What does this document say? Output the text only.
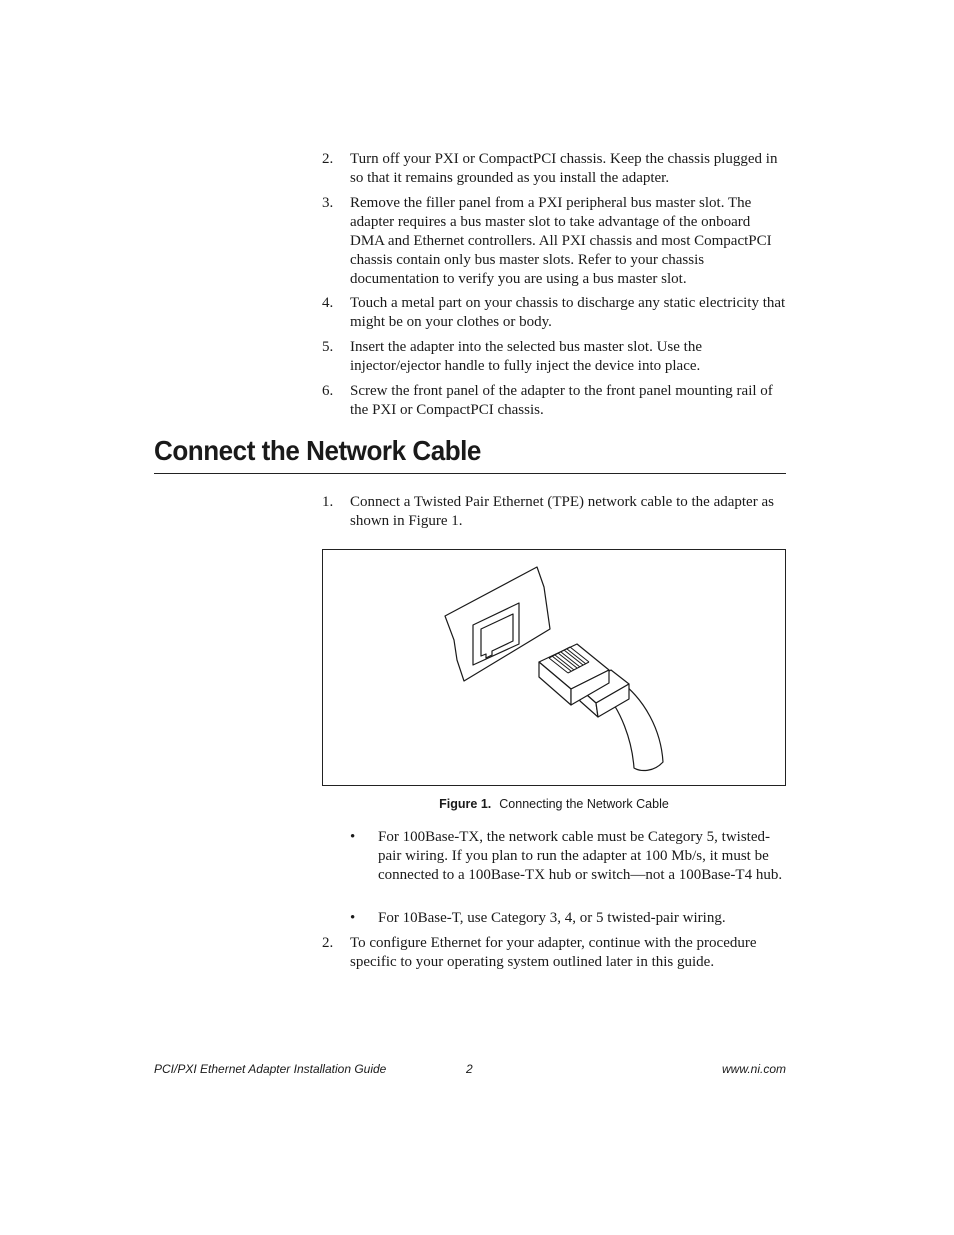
2.	Turn off your PXI or CompactPCI chassis. Keep the chassis plugged in so that it remains grounded as you install the adapter.
3.	Remove the filler panel from a PXI peripheral bus master slot. The adapter requires a bus master slot to take advantage of the onboard DMA and Ethernet controllers. All PXI chassis and most CompactPCI chassis contain only bus master slots. Refer to your chassis documentation to verify you are using a bus master slot.
4.	Touch a metal part on your chassis to discharge any static electricity that might be on your clothes or body.
5.	Insert the adapter into the selected bus master slot. Use the injector/ejector handle to fully inject the device into place.
6.	Screw the front panel of the adapter to the front panel mounting rail of the PXI or CompactPCI chassis.
Connect the Network Cable
1.	Connect a Twisted Pair Ethernet (TPE) network cable to the adapter as shown in Figure 1.
Figure 1. Connecting the Network Cable
•	For 100Base-TX, the network cable must be Category 5, twisted-pair wiring. If you plan to run the adapter at 100 Mb/s, it must be connected to a 100Base-TX hub or switch—not a 100Base-T4 hub.
•	For 10Base-T, use Category 3, 4, or 5 twisted-pair wiring.
2.	To configure Ethernet for your adapter, continue with the procedure specific to your operating system outlined later in this guide.
PCI/PXI Ethernet Adapter Installation Guide	2	www.ni.com
